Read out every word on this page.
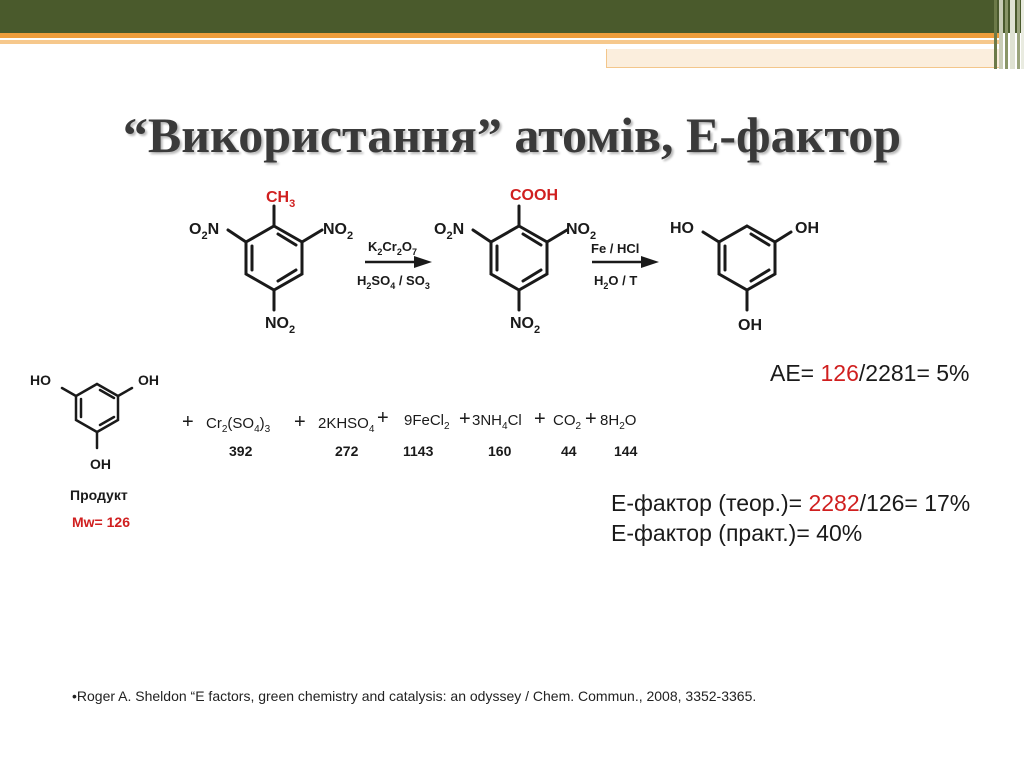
“Використання” атомів, Е-фактор
$CH_3$
$O_2N$	$NO_2$
$NO_2$
$K_2Cr_2O_7$
$H_2SO_4 / SO_3$
COOH
$O_2N$	$NO_2$
$NO_2$
Fe / HCl
$H_2O$ / T
HO	OH
OH
HO	OH
OH
+ $Cr_2(SO_4)_3$ + $2KHSO_4$
+ 9FeCl$_2$ + $3NH_4Cl + CO_2 + 8H_2O$
392	272	1143	160	44	144
Продукт
Mw= 126
AE= 126/2281= 5%
E-фактор (теор.)= 2282/126= 17%
E-фактор (практ.)= 40%
•Roger A. Sheldon “E factors, green chemistry and catalysis: an odyssey / Chem. Commun., 2008, 3352-3365.
